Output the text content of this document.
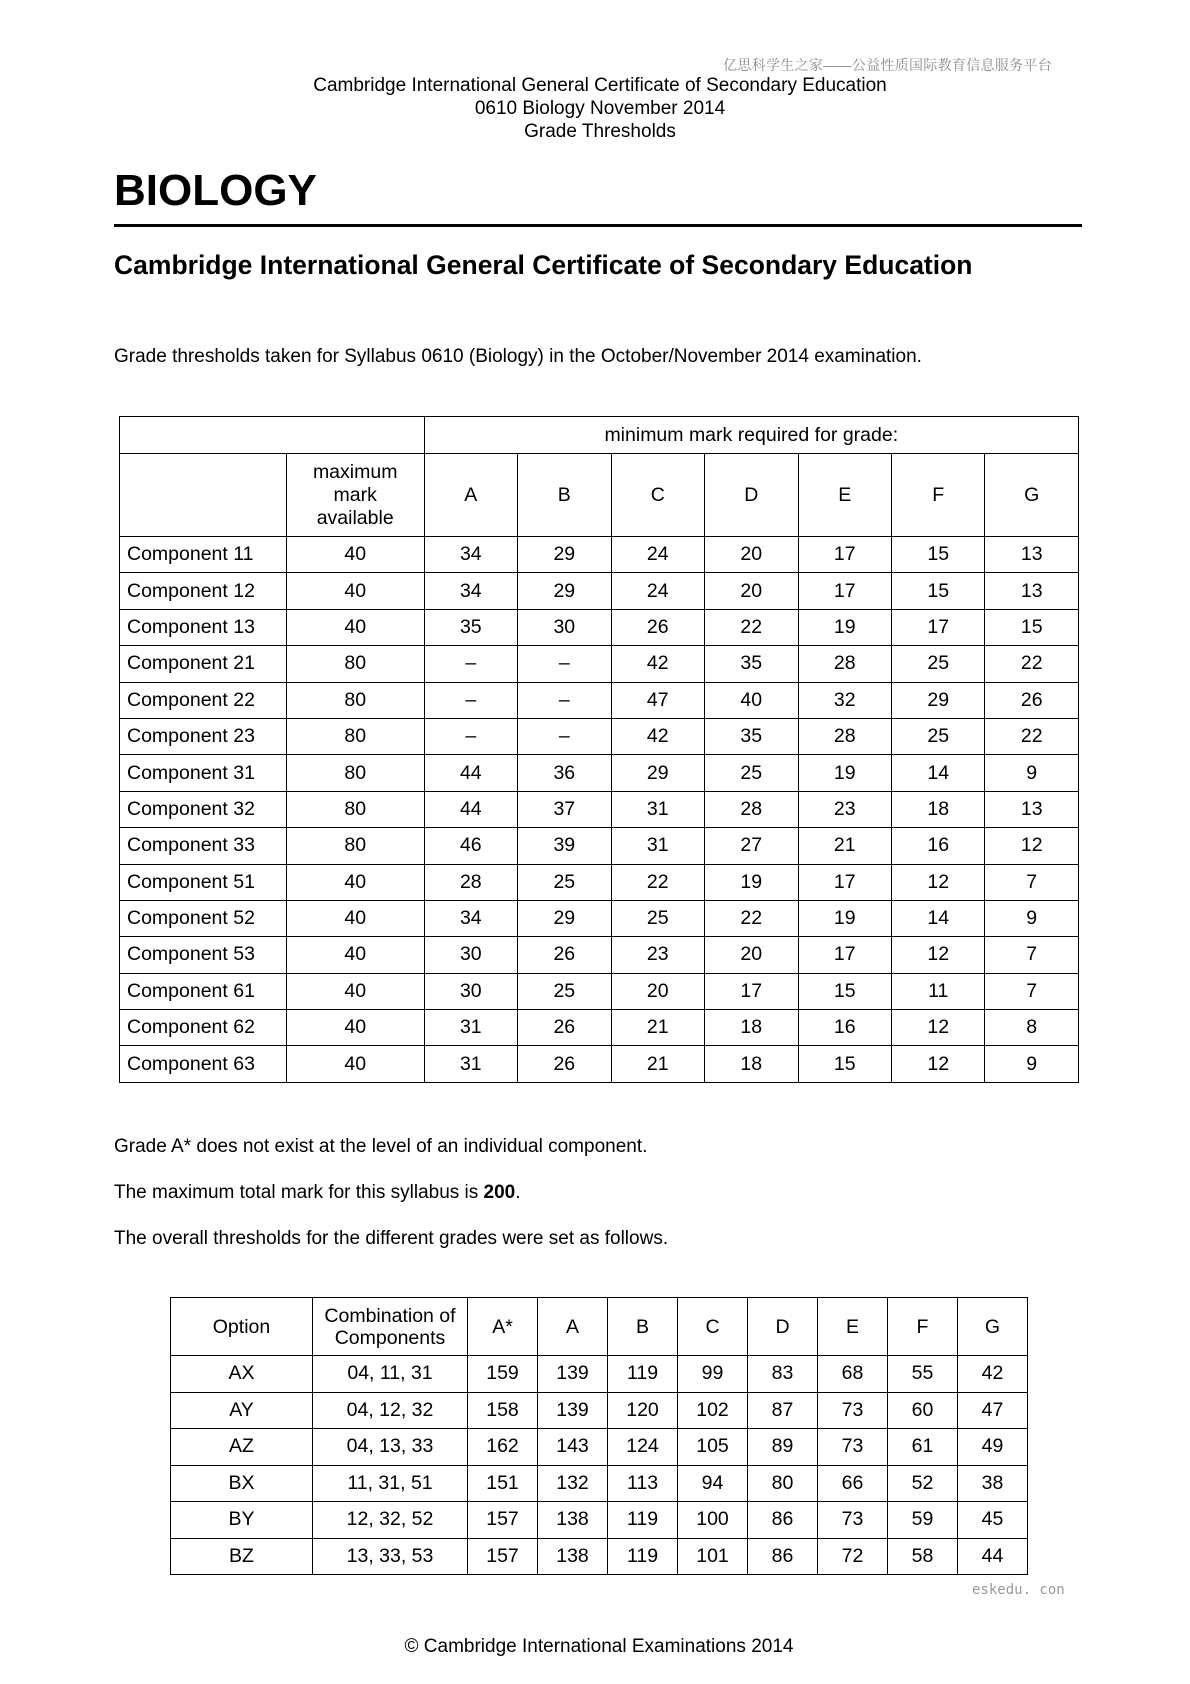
亿思科学生之家——公益性质国际教育信息服务平台
Cambridge International General Certificate of Secondary Education
0610 Biology November 2014
Grade Thresholds
BIOLOGY
Cambridge International General Certificate of Secondary Education
Grade thresholds taken for Syllabus 0610 (Biology) in the October/November 2014 examination.
		minimum mark required for grade:						

	maximum mark available	A	B	C	D	E	F	G
Component 11	40	34	29	24	20	17	15	13
Component 12	40	34	29	24	20	17	15	13
Component 13	40	35	30	26	22	19	17	15
Component 21	80	–	–	42	35	28	25	22
Component 22	80	–	–	47	40	32	29	26
Component 23	80	–	–	42	35	28	25	22
Component 31	80	44	36	29	25	19	14	9
Component 32	80	44	37	31	28	23	18	13
Component 33	80	46	39	31	27	21	16	12
Component 51	40	28	25	22	19	17	12	7
Component 52	40	34	29	25	22	19	14	9
Component 53	40	30	26	23	20	17	12	7
Component 61	40	30	25	20	17	15	11	7
Component 62	40	31	26	21	18	16	12	8
Component 63	40	31	26	21	18	15	12	9
Grade A* does not exist at the level of an individual component.
The maximum total mark for this syllabus is 200.
The overall thresholds for the different grades were set as follows.
Option	Combination of Components	A*	A	B	C	D	E	F	G
AX	04, 11, 31	159	139	119	99	83	68	55	42
AY	04, 12, 32	158	139	120	102	87	73	60	47
AZ	04, 13, 33	162	143	124	105	89	73	61	49
BX	11, 31, 51	151	132	113	94	80	66	52	38
BY	12, 32, 52	157	138	119	100	86	73	59	45
BZ	13, 33, 53	157	138	119	101	86	72	58	44
eskedu. con
© Cambridge International Examinations 2014
